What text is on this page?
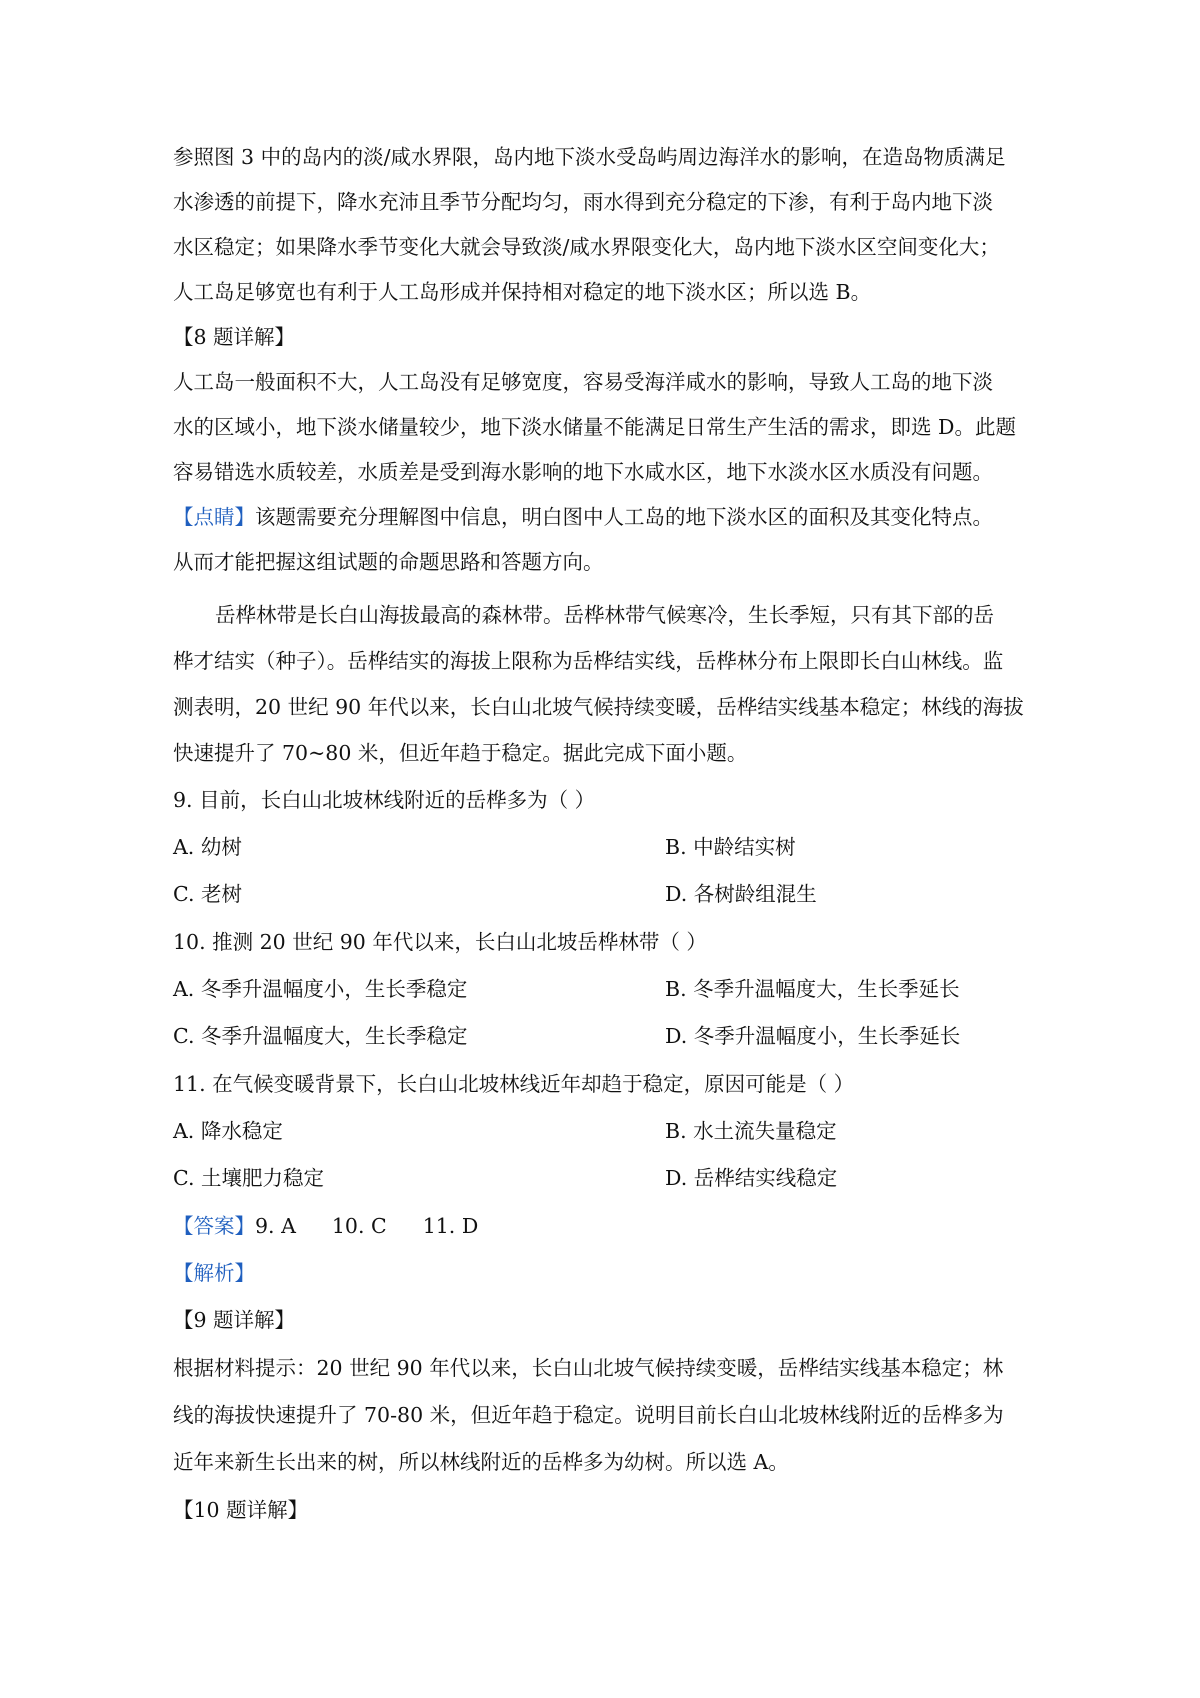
参照图 3 中的岛内的淡/咸水界限，岛内地下淡水受岛屿周边海洋水的影响，在造岛物质满足
水渗透的前提下，降水充沛且季节分配均匀，雨水得到充分稳定的下渗，有利于岛内地下淡
水区稳定；如果降水季节变化大就会导致淡/咸水界限变化大，岛内地下淡水区空间变化大；
人工岛足够宽也有利于人工岛形成并保持相对稳定的地下淡水区；所以选 B。
【8 题详解】
人工岛一般面积不大，人工岛没有足够宽度，容易受海洋咸水的影响，导致人工岛的地下淡
水的区域小，地下淡水储量较少，地下淡水储量不能满足日常生产生活的需求，即选 D。此题
容易错选水质较差，水质差是受到海水影响的地下水咸水区，地下水淡水区水质没有问题。
【点睛】该题需要充分理解图中信息，明白图中人工岛的地下淡水区的面积及其变化特点。
从而才能把握这组试题的命题思路和答题方向。
岳桦林带是长白山海拔最高的森林带。岳桦林带气候寒冷，生长季短，只有其下部的岳
桦才结实（种子）。岳桦结实的海拔上限称为岳桦结实线，岳桦林分布上限即长白山林线。监
测表明，20 世纪 90 年代以来，长白山北坡气候持续变暖，岳桦结实线基本稳定；林线的海拔
快速提升了 70~80 米，但近年趋于稳定。据此完成下面小题。
9. 目前，长白山北坡林线附近的岳桦多为（ ）
A. 幼树	B. 中龄结实树
C. 老树	D. 各树龄组混生
10. 推测 20 世纪 90 年代以来，长白山北坡岳桦林带（ ）
A. 冬季升温幅度小，生长季稳定	B. 冬季升温幅度大，生长季延长
C. 冬季升温幅度大，生长季稳定	D. 冬季升温幅度小，生长季延长
11. 在气候变暖背景下，长白山北坡林线近年却趋于稳定，原因可能是（ ）
A. 降水稳定	B. 水土流失量稳定
C. 土壤肥力稳定	D. 岳桦结实线稳定
【答案】9. A 10. C 11. D
【解析】
【9 题详解】
根据材料提示：20 世纪 90 年代以来，长白山北坡气候持续变暖，岳桦结实线基本稳定；林
线的海拔快速提升了 70-80 米，但近年趋于稳定。说明目前长白山北坡林线附近的岳桦多为
近年来新生长出来的树，所以林线附近的岳桦多为幼树。所以选 A。
【10 题详解】
